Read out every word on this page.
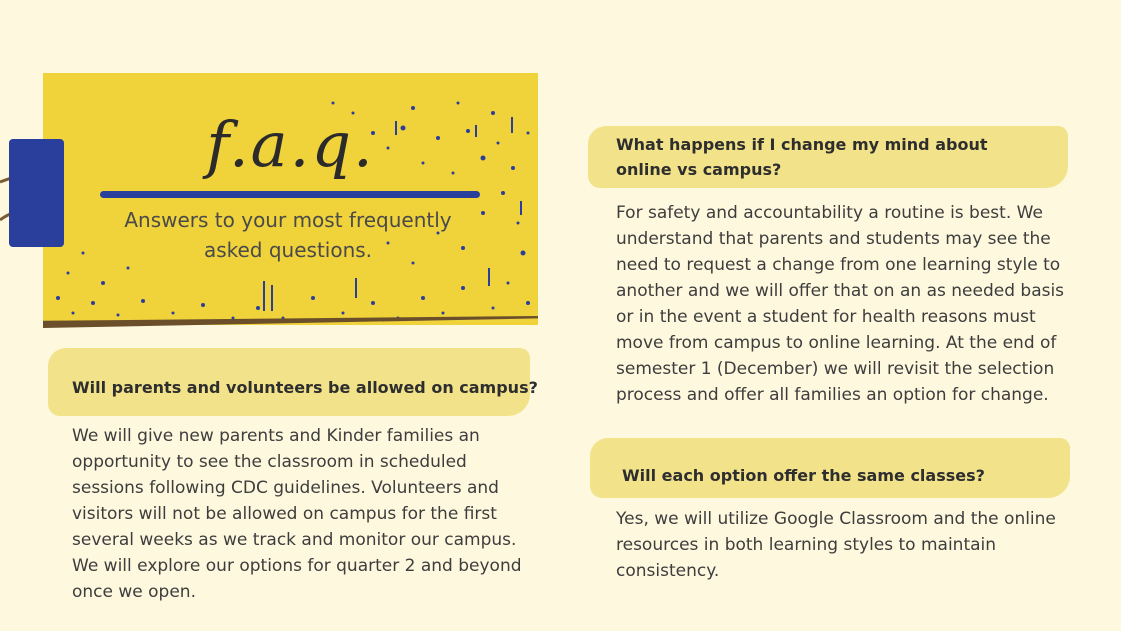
f.a.q.
Answers to your most frequently asked questions.
Will parents and volunteers be allowed on campus?
We will give new parents and Kinder families an opportunity to see the classroom in scheduled sessions following CDC guidelines. Volunteers and visitors will not be allowed on campus for the first several weeks as we track and monitor our campus. We will explore our options for quarter 2 and beyond once we open.
What happens if I change my mind about online vs campus?
For safety and accountability a routine is best. We understand that parents and students may see the need to request a change from one learning style to another and we will offer that on an as needed basis or in the event a student for health reasons must move from campus to online learning. At the end of semester 1 (December) we will revisit the selection process and offer all families an option for change.
Will each option offer the same classes?
Yes, we will utilize Google Classroom and the online resources in both learning styles to maintain consistency.
